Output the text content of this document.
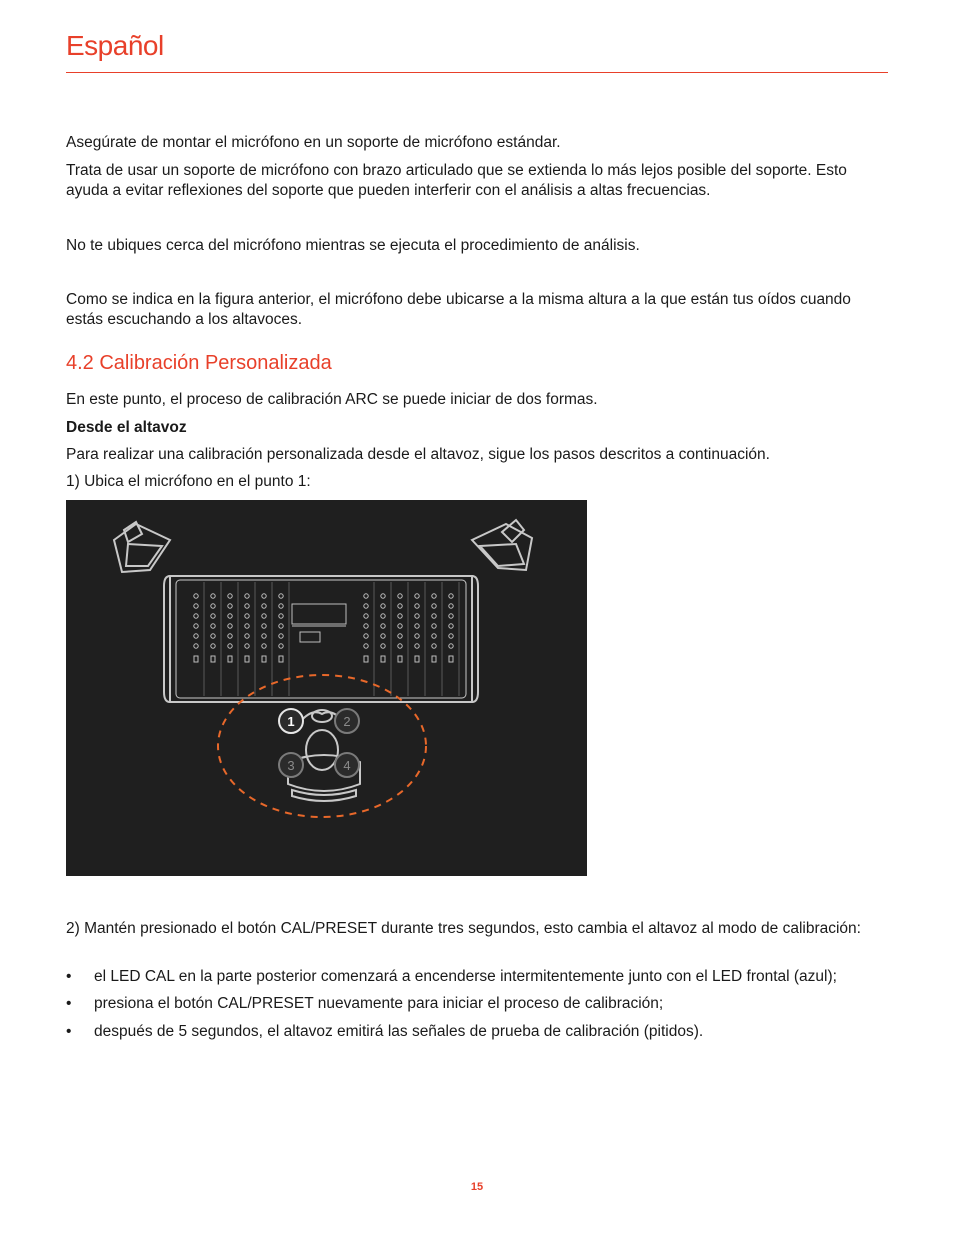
Español
Asegúrate de montar el micrófono en un soporte de micrófono estándar.
Trata de usar un soporte de micrófono con brazo articulado que se extienda lo más lejos posible del soporte. Esto ayuda a evitar reflexiones del soporte que pueden interferir con el análisis a altas frecuencias.
No te ubiques cerca del micrófono mientras se ejecuta el procedimiento de análisis.
Como se indica en la figura anterior, el micrófono debe ubicarse a la misma altura a la que están tus oídos cuando estás escuchando a los altavoces.
4.2 Calibración Personalizada
En este punto, el proceso de calibración ARC se puede iniciar de dos formas.
Desde el altavoz
Para realizar una calibración personalizada desde el altavoz, sigue los pasos descritos a continuación.
1) Ubica el micrófono en el punto 1:
1	2
3	4
2) Mantén presionado el botón CAL/PRESET durante tres segundos, esto cambia el altavoz al modo de calibración:
• el LED CAL en la parte posterior comenzará a encenderse intermitentemente junto con el LED frontal (azul);
• presiona el botón CAL/PRESET nuevamente para iniciar el proceso de calibración;
• después de 5 segundos, el altavoz emitirá las señales de prueba de calibración (pitidos).
15
